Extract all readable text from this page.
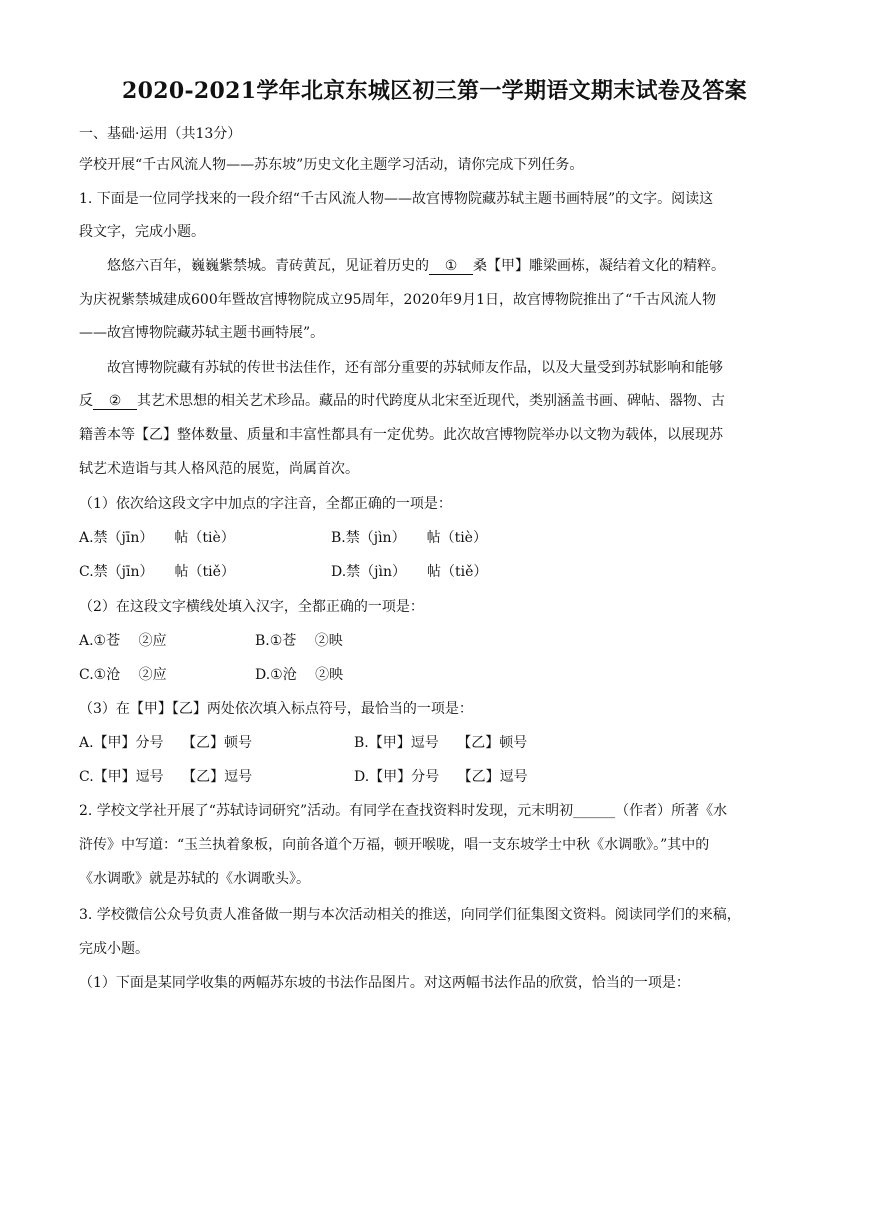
2020-2021学年北京东城区初三第一学期语文期末试卷及答案
一、基础·运用（共13分）
学校开展“千古风流人物——苏东坡”历史文化主题学习活动，请你完成下列任务。
1. 下面是一位同学找来的一段介绍“千古风流人物——故宫博物院藏苏轼主题书画特展”的文字。阅读这
段文字，完成小题。
悠悠六百年，巍巍紫禁城。青砖黄瓦，见证着历史的 ① 桑【甲】雕梁画栋，凝结着文化的精粹。
为庆祝紫禁城建成600年暨故宫博物院成立95周年，2020年9月1日，故宫博物院推出了“千古风流人物
——故宫博物院藏苏轼主题书画特展”。
故宫博物院藏有苏轼的传世书法佳作，还有部分重要的苏轼师友作品，以及大量受到苏轼影响和能够
反 ② 其艺术思想的相关艺术珍品。藏品的时代跨度从北宋至近现代，类别涵盖书画、碑帖、器物、古
籍善本等【乙】整体数量、质量和丰富性都具有一定优势。此次故宫博物院举办以文物为载体，以展现苏
轼艺术造诣与其人格风范的展览，尚属首次。
（1）依次给这段文字中加点的字注音，全都正确的一项是：
A.禁（jīn）　　帖（tiè）	B.禁（jìn）　　帖（tiè）
C.禁（jīn）　　帖（tiě）	D.禁（jìn）　　帖（tiě）
（2）在这段文字横线处填入汉字，全都正确的一项是：
A.①苍　 ②应	B.①苍　 ②映
C.①沧　 ②应	D.①沧　 ②映
（3）在【甲】【乙】两处依次填入标点符号，最恰当的一项是：
A.【甲】分号　 【乙】顿号	B.【甲】逗号　 【乙】顿号
C.【甲】逗号　 【乙】逗号	D.【甲】分号　 【乙】逗号
2. 学校文学社开展了“苏轼诗词研究”活动。有同学在查找资料时发现，元末明初______（作者）所著《水
浒传》中写道：“玉兰执着象板，向前各道个万福，顿开喉咙，唱一支东坡学士中秋《水调歌》。”其中的
《水调歌》就是苏轼的《水调歌头》。
3. 学校微信公众号负责人准备做一期与本次活动相关的推送，向同学们征集图文资料。阅读同学们的来稿，
完成小题。
（1）下面是某同学收集的两幅苏东坡的书法作品图片。对这两幅书法作品的欣赏，恰当的一项是：
